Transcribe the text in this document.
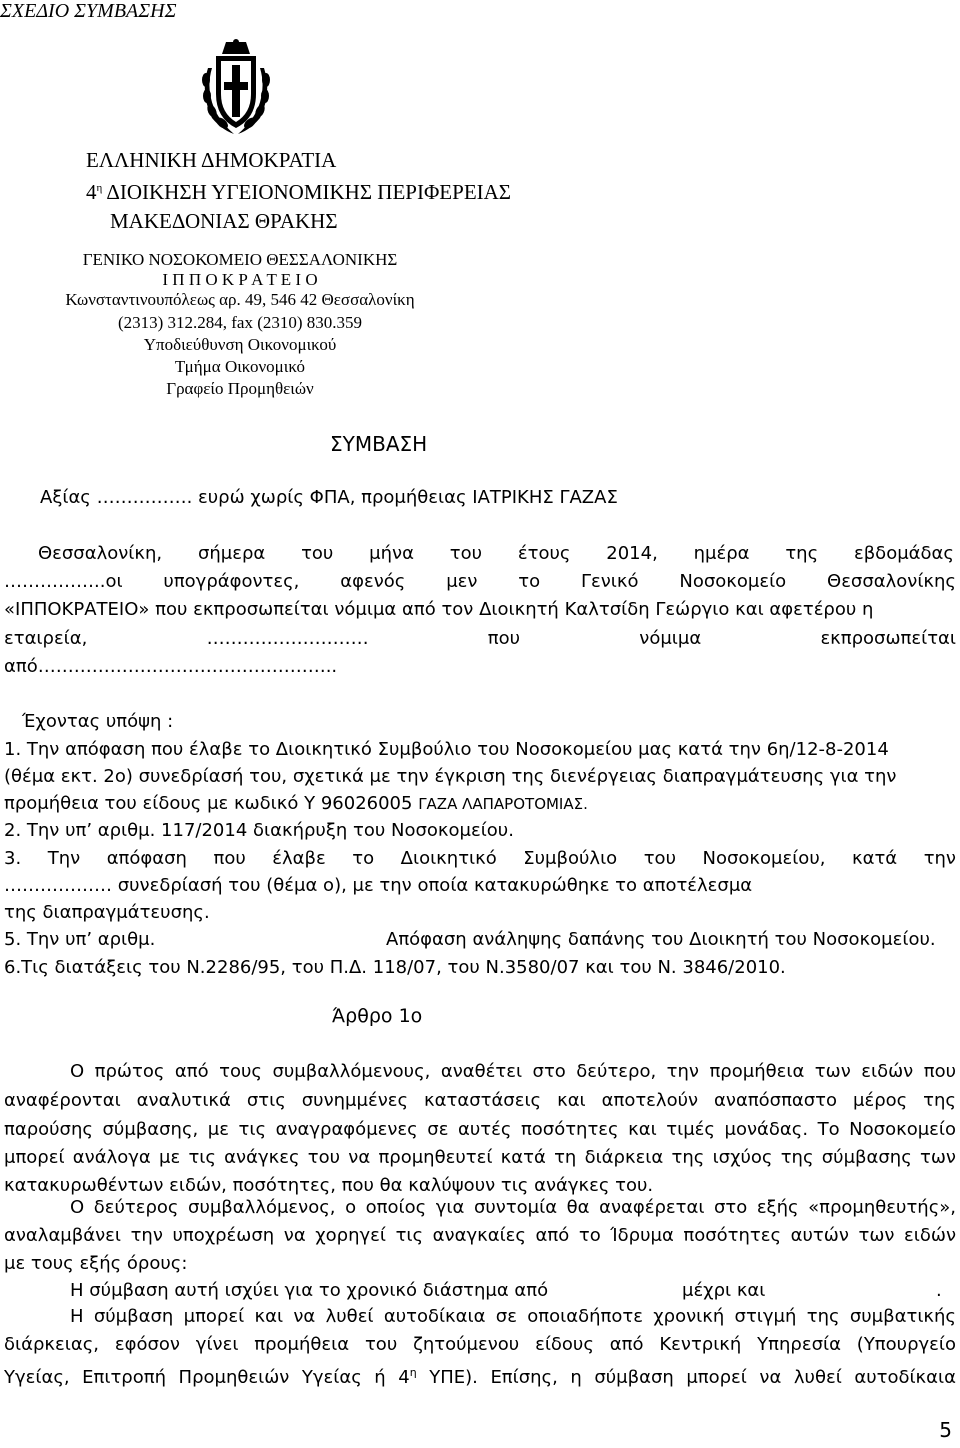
ΣΧΕΔΙΟ ΣΥΜΒΑΣΗΣ
ΕΛΛΗΝΙΚΗ ΔΗΜΟΚΡΑΤΙΑ
$4^\eta$ ΔΙΟΙΚΗΣΗ ΥΓΕΙΟΝΟΜΙΚΗΣ ΠΕΡΙΦΕΡΕΙΑΣ
ΜΑΚΕΔΟΝΙΑΣ ΘΡΑΚΗΣ
ΓΕΝΙΚΟ ΝΟΣΟΚΟΜΕΙΟ ΘΕΣΣΑΛΟΝΙΚΗΣ
Ι Π Π Ο Κ Ρ Α Τ Ε Ι Ο
Κωνσταντινουπόλεως αρ. 49, 546 42 Θεσσαλονίκη
(2313) 312.284, fax (2310) 830.359
Υποδιεύθυνση Οικονομικού
Τμήμα Οικονομικό
Γραφείο Προμηθειών
ΣΥΜΒΑΣΗ
Αξίας ……………. ευρώ χωρίς ΦΠΑ, προμήθειας ΙΑΤΡΙΚΗΣ ΓΑΖΑΣ
Θεσσαλονίκη, σήμερα του μήνα του έτους 2014, ημέρα της εβδομάδας
……………..οι υπογράφοντες, αφενός μεν το Γενικό Νοσοκομείο Θεσσαλονίκης
«ΙΠΠΟΚΡΑΤΕΙΟ» που εκπροσωπείται νόμιμα από τον Διοικητή Καλτσίδη Γεώργιο και αφετέρου η
εταιρεία,	………………………	που	νόμιμα	εκπροσωπείται
από…………………………………………..
Έχοντας υπόψη :
1. Την απόφαση που έλαβε το Διοικητικό Συμβούλιο του Νοσοκομείου μας κατά την 6η/12-8-2014
(θέμα εκτ. 2ο) συνεδρίασή του, σχετικά με την έγκριση της διενέργειας διαπραγμάτευσης για την
προμήθεια του είδους με κωδικό Υ 96026005 ΓΑΖΑ ΛΑΠΑΡΟΤΟΜΙΑΣ.
2. Την υπ’ αριθμ. 117/2014 διακήρυξη του Νοσοκομείου.
3. Την απόφαση που έλαβε το Διοικητικό Συμβούλιο του Νοσοκομείου, κατά την
……………… συνεδρίασή του (θέμα ο), με την οποία κατακυρώθηκε το αποτέλεσμα
της διαπραγμάτευσης.
5. Την υπ’ αριθμ.	Απόφαση ανάληψης δαπάνης του Διοικητή του Νοσοκομείου.
6.Τις διατάξεις του Ν.2286/95, του Π.Δ. 118/07, του Ν.3580/07 και του Ν. 3846/2010.
Άρθρο 1ο
Ο πρώτος από τους συμβαλλόμενους, αναθέτει στο δεύτερο, την προμήθεια των ειδών που
αναφέρονται αναλυτικά στις συνημμένες καταστάσεις και αποτελούν αναπόσπαστο μέρος της
παρούσης σύμβασης, με τις αναγραφόμενες σε αυτές ποσότητες και τιμές μονάδας. Το Νοσοκομείο
μπορεί ανάλογα με τις ανάγκες του να προμηθευτεί κατά τη διάρκεια της ισχύος της σύμβασης των
κατακυρωθέντων ειδών, ποσότητες, που θα καλύψουν τις ανάγκες του.
Ο δεύτερος συμβαλλόμενος, ο οποίος για συντομία θα αναφέρεται στο εξής «προμηθευτής»,
αναλαμβάνει την υποχρέωση να χορηγεί τις αναγκαίες από το Ίδρυμα ποσότητες αυτών των ειδών
με τους εξής όρους:
Η σύμβαση αυτή ισχύει για το χρονικό διάστημα από	μέχρι και	.
Η σύμβαση μπορεί και να λυθεί αυτοδίκαια σε οποιαδήποτε χρονική στιγμή της συμβατικής
διάρκειας, εφόσον γίνει προμήθεια του ζητούμενου είδους από Κεντρική Υπηρεσία (Υπουργείο
Υγείας, Επιτροπή Προμηθειών Υγείας ή $4^\eta$ ΥΠΕ). Επίσης, η σύμβαση μπορεί να λυθεί αυτοδίκαια
5
